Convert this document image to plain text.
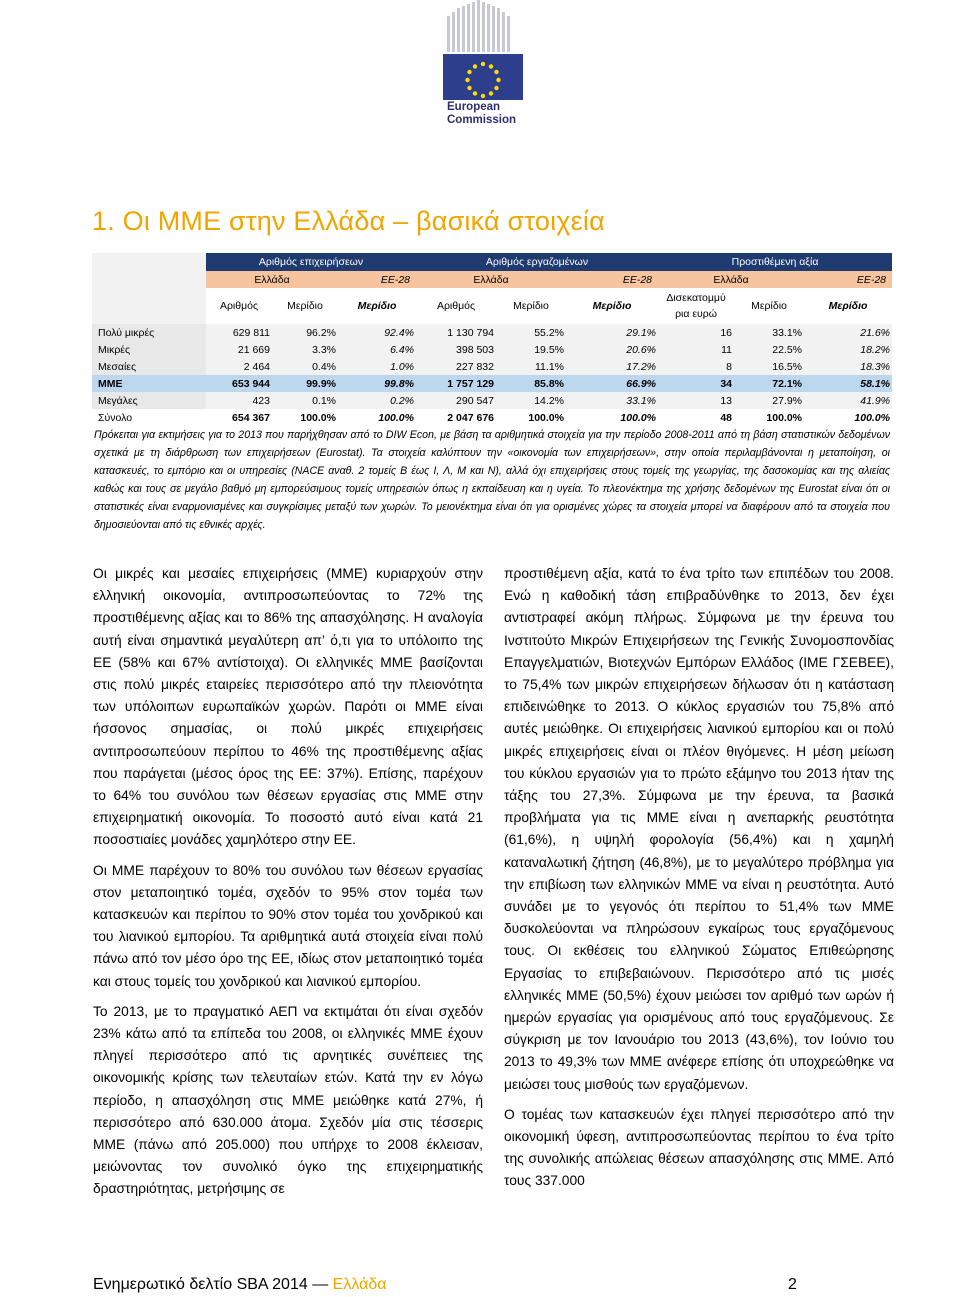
European
Commission
1. Οι ΜΜΕ στην Ελλάδα – βασικά στοιχεία
	Αριθμός επιχειρήσεων			Αριθμός εργαζομένων			Προστιθέμενη αξία		
	Ελλάδα		ΕΕ-28	Ελλάδα		ΕΕ-28	Ελλάδα		ΕΕ-28
	Αριθμός	Μερίδιο	Μερίδιο	Αριθμός	Μερίδιο	Μερίδιο	Δισεκατομμύ ρια ευρώ	Μερίδιο	Μερίδιο
Πολύ μικρές	629 811	96.2%	92.4%	1 130 794	55.2%	29.1%	16	33.1%	21.6%
Μικρές	21 669	3.3%	6.4%	398 503	19.5%	20.6%	11	22.5%	18.2%
Μεσαίες	2 464	0.4%	1.0%	227 832	11.1%	17.2%	8	16.5%	18.3%
ΜΜΕ	653 944	99.9%	99.8%	1 757 129	85.8%	66.9%	34	72.1%	58.1%
Μεγάλες	423	0.1%	0.2%	290 547	14.2%	33.1%	13	27.9%	41.9%
Σύνολο	654 367	100.0%	100.0%	2 047 676	100.0%	100.0%	48	100.0%	100.0%
Πρόκειται για εκτιμήσεις για το 2013 που παρήχθησαν από το DIW Econ, με βάση τα αριθμητικά στοιχεία για την περίοδο 2008-2011 από τη βάση στατιστικών δεδομένων σχετικά με τη διάρθρωση των επιχειρήσεων (Eurostat). Τα στοιχεία καλύπτουν την «οικονομία των επιχειρήσεων», στην οποία περιλαμβάνονται η μεταποίηση, οι κατασκευές, το εμπόριο και οι υπηρεσίες (NACE αναθ. 2 τομείς Β έως Ι, Λ, Μ και Ν), αλλά όχι επιχειρήσεις στους τομείς της γεωργίας, της δασοκομίας και της αλιείας καθώς και τους σε μεγάλο βαθμό μη εμπορεύσιμους τομείς υπηρεσιών όπως η εκπαίδευση και η υγεία. Το πλεονέκτημα της χρήσης δεδομένων της Eurostat είναι ότι οι στατιστικές είναι εναρμονισμένες και συγκρίσιμες μεταξύ των χωρών. Το μειονέκτημα είναι ότι για ορισμένες χώρες τα στοιχεία μπορεί να διαφέρουν από τα στοιχεία που δημοσιεύονται από τις εθνικές αρχές.									

Οι μικρές και μεσαίες επιχειρήσεις (ΜΜΕ) κυριαρχούν στην ελληνική οικονομία, αντιπροσωπεύοντας το 72% της προστιθέμενης αξίας και το 86% της απασχόλησης. Η αναλογία αυτή είναι σημαντικά μεγαλύτερη απ’ ό,τι για το υπόλοιπο της ΕΕ (58% και 67% αντίστοιχα). Οι ελληνικές ΜΜΕ βασίζονται στις πολύ μικρές εταιρείες περισσότερο από την πλειονότητα των υπόλοιπων ευρωπαϊκών χωρών. Παρότι οι ΜΜΕ είναι ήσσονος σημασίας, οι πολύ μικρές επιχειρήσεις αντιπροσωπεύουν περίπου το 46% της προστιθέμενης αξίας που παράγεται (μέσος όρος της ΕΕ: 37%). Επίσης, παρέχουν το 64% του συνόλου των θέσεων εργασίας στις ΜΜΕ στην επιχειρηματική οικονομία. Το ποσοστό αυτό είναι κατά 21 ποσοστιαίες μονάδες χαμηλότερο στην ΕΕ.

Οι ΜΜΕ παρέχουν το 80% του συνόλου των θέσεων εργασίας στον μεταποιητικό τομέα, σχεδόν το 95% στον τομέα των κατασκευών και περίπου το 90% στον τομέα του χονδρικού και του λιανικού εμπορίου. Τα αριθμητικά αυτά στοιχεία είναι πολύ πάνω από τον μέσο όρο της ΕΕ, ιδίως στον μεταποιητικό τομέα και στους τομείς του χονδρικού και λιανικού εμπορίου.

Το 2013, με το πραγματικό ΑΕΠ να εκτιμάται ότι είναι σχεδόν 23% κάτω από τα επίπεδα του 2008, οι ελληνικές ΜΜΕ έχουν πληγεί περισσότερο από τις αρνητικές συνέπειες της οικονομικής κρίσης των τελευταίων ετών. Κατά την εν λόγω περίοδο, η απασχόληση στις ΜΜΕ μειώθηκε κατά 27%, ή περισσότερο από 630.000 άτομα. Σχεδόν μία στις τέσσερις ΜΜΕ (πάνω από 205.000) που υπήρχε το 2008 έκλεισαν, μειώνοντας τον συνολικό όγκο της επιχειρηματικής δραστηριότητας, μετρήσιμης σε

προστιθέμενη αξία, κατά το ένα τρίτο των επιπέδων του 2008. Ενώ η καθοδική τάση επιβραδύνθηκε το 2013, δεν έχει αντιστραφεί ακόμη πλήρως. Σύμφωνα με την έρευνα του Ινστιτούτο Μικρών Επιχειρήσεων της Γενικής Συνομοσπονδίας Επαγγελματιών, Βιοτεχνών Εμπόρων Ελλάδος (ΙΜΕ ΓΣΕΒΕΕ), το 75,4% των μικρών επιχειρήσεων δήλωσαν ότι η κατάσταση επιδεινώθηκε το 2013. Ο κύκλος εργασιών του 75,8% από αυτές μειώθηκε. Οι επιχειρήσεις λιανικού εμπορίου και οι πολύ μικρές επιχειρήσεις είναι οι πλέον θιγόμενες. Η μέση μείωση του κύκλου εργασιών για το πρώτο εξάμηνο του 2013 ήταν της τάξης του 27,3%. Σύμφωνα με την έρευνα, τα βασικά προβλήματα για τις ΜΜΕ είναι η ανεπαρκής ρευστότητα (61,6%), η υψηλή φορολογία (56,4%) και η χαμηλή καταναλωτική ζήτηση (46,8%), με το μεγαλύτερο πρόβλημα για την επιβίωση των ελληνικών ΜΜΕ να είναι η ρευστότητα. Αυτό συνάδει με το γεγονός ότι περίπου το 51,4% των ΜΜΕ δυσκολεύονται να πληρώσουν εγκαίρως τους εργαζόμενους τους. Οι εκθέσεις του ελληνικού Σώματος Επιθεώρησης Εργασίας το επιβεβαιώνουν. Περισσότερο από τις μισές ελληνικές ΜΜΕ (50,5%) έχουν μειώσει τον αριθμό των ωρών ή ημερών εργασίας για ορισμένους από τους εργαζόμενους. Σε σύγκριση με τον Ιανουάριο του 2013 (43,6%), τον Ιούνιο του 2013 το 49,3% των ΜΜΕ ανέφερε επίσης ότι υποχρεώθηκε να μειώσει τους μισθούς των εργαζόμενων.

Ο τομέας των κατασκευών έχει πληγεί περισσότερο από την οικονομική ύφεση, αντιπροσωπεύοντας περίπου το ένα τρίτο της συνολικής απώλειας θέσεων απασχόλησης στις ΜΜΕ. Από τους 337.000

Ενημερωτικό δελτίο SBA 2014 — Ελλάδα	2
